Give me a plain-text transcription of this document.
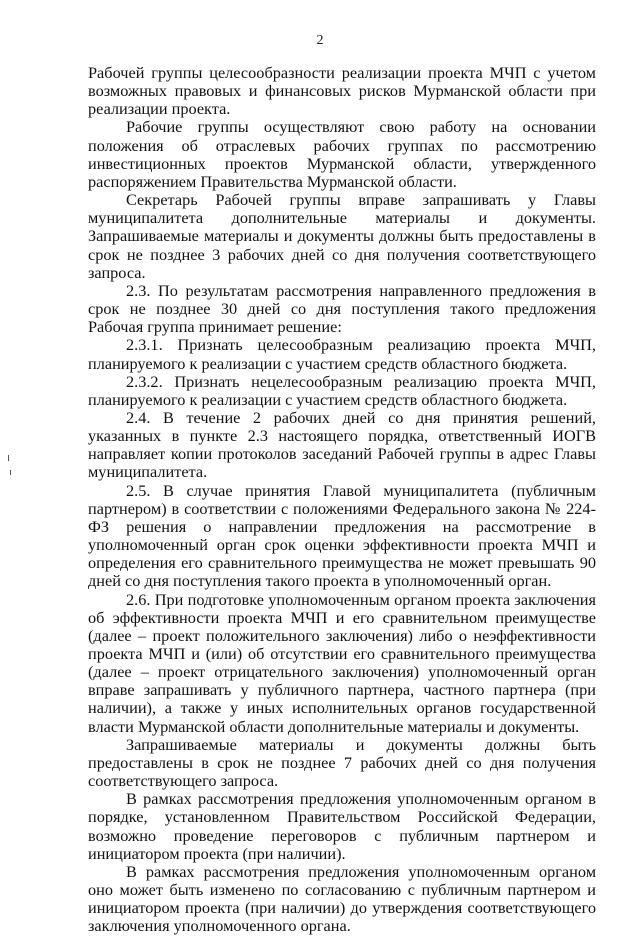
2

Рабочей группы целесообразности реализации проекта МЧП с учетом возможных правовых и финансовых рисков Мурманской области при реализации проекта.

Рабочие группы осуществляют свою работу на основании положения об отраслевых рабочих группах по рассмотрению инвестиционных проектов Мурманской области, утвержденного распоряжением Правительства Мурманской области.

Секретарь Рабочей группы вправе запрашивать у Главы муниципалитета дополнительные материалы и документы. Запрашиваемые материалы и документы должны быть предоставлены в срок не позднее 3 рабочих дней со дня получения соответствующего запроса.

2.3. По результатам рассмотрения направленного предложения в срок не позднее 30 дней со дня поступления такого предложения Рабочая группа принимает решение:

2.3.1. Признать целесообразным реализацию проекта МЧП, планируемого к реализации с участием средств областного бюджета.

2.3.2. Признать нецелесообразным реализацию проекта МЧП, планируемого к реализации с участием средств областного бюджета.

2.4. В течение 2 рабочих дней со дня принятия решений, указанных в пункте 2.3 настоящего порядка, ответственный ИОГВ направляет копии протоколов заседаний Рабочей группы в адрес Главы муниципалитета.

2.5. В случае принятия Главой муниципалитета (публичным партнером) в соответствии с положениями Федерального закона № 224-ФЗ решения о направлении предложения на рассмотрение в уполномоченный орган срок оценки эффективности проекта МЧП и определения его сравнительного преимущества не может превышать 90 дней со дня поступления такого проекта в уполномоченный орган.

2.6. При подготовке уполномоченным органом проекта заключения об эффективности проекта МЧП и его сравнительном преимуществе (далее – проект положительного заключения) либо о неэффективности проекта МЧП и (или) об отсутствии его сравнительного преимущества (далее – проект отрицательного заключения) уполномоченный орган вправе запрашивать у публичного партнера, частного партнера (при наличии), а также у иных исполнительных органов государственной власти Мурманской области дополнительные материалы и документы.

Запрашиваемые материалы и документы должны быть предоставлены в срок не позднее 7 рабочих дней со дня получения соответствующего запроса.

В рамках рассмотрения предложения уполномоченным органом в порядке, установленном Правительством Российской Федерации, возможно проведение переговоров с публичным партнером и инициатором проекта (при наличии).

В рамках рассмотрения предложения уполномоченным органом оно может быть изменено по согласованию с публичным партнером и инициатором проекта (при наличии) до утверждения соответствующего заключения уполномоченного органа.
